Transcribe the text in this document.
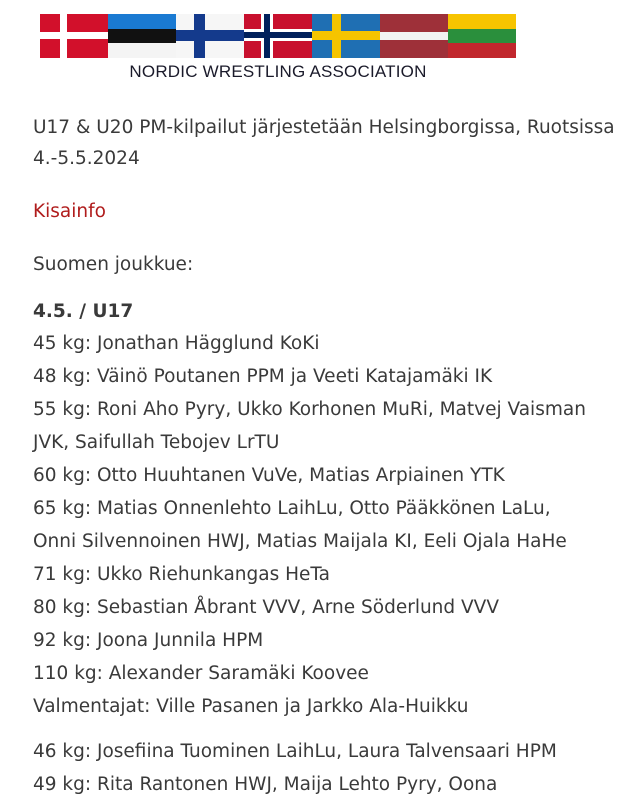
NORDIC WRESTLING ASSOCIATION

U17 & U20 PM-kilpailut järjestetään Helsingborgissa, Ruotsissa 4.-5.5.2024

Kisainfo

Suomen joukkue:

4.5. / U17

45 kg: Jonathan Hägglund KoKi

48 kg: Väinö Poutanen PPM ja Veeti Katajamäki IK

55 kg: Roni Aho Pyry, Ukko Korhonen MuRi, Matvej Vaisman

JVK, Saifullah Tebojev LrTU

60 kg: Otto Huuhtanen VuVe, Matias Arpiainen YTK

65 kg: Matias Onnenlehto LaihLu, Otto Pääkkönen LaLu,

Onni Silvennoinen HWJ, Matias Maijala KI, Eeli Ojala HaHe

71 kg: Ukko Riehunkangas HeTa

80 kg: Sebastian Åbrant VVV, Arne Söderlund VVV

92 kg: Joona Junnila HPM

110 kg: Alexander Saramäki Koovee

Valmentajat: Ville Pasanen ja Jarkko Ala-Huikku

46 kg: Josefiina Tuominen LaihLu, Laura Talvensaari HPM

49 kg: Rita Rantonen HWJ, Maija Lehto Pyry, Oona
